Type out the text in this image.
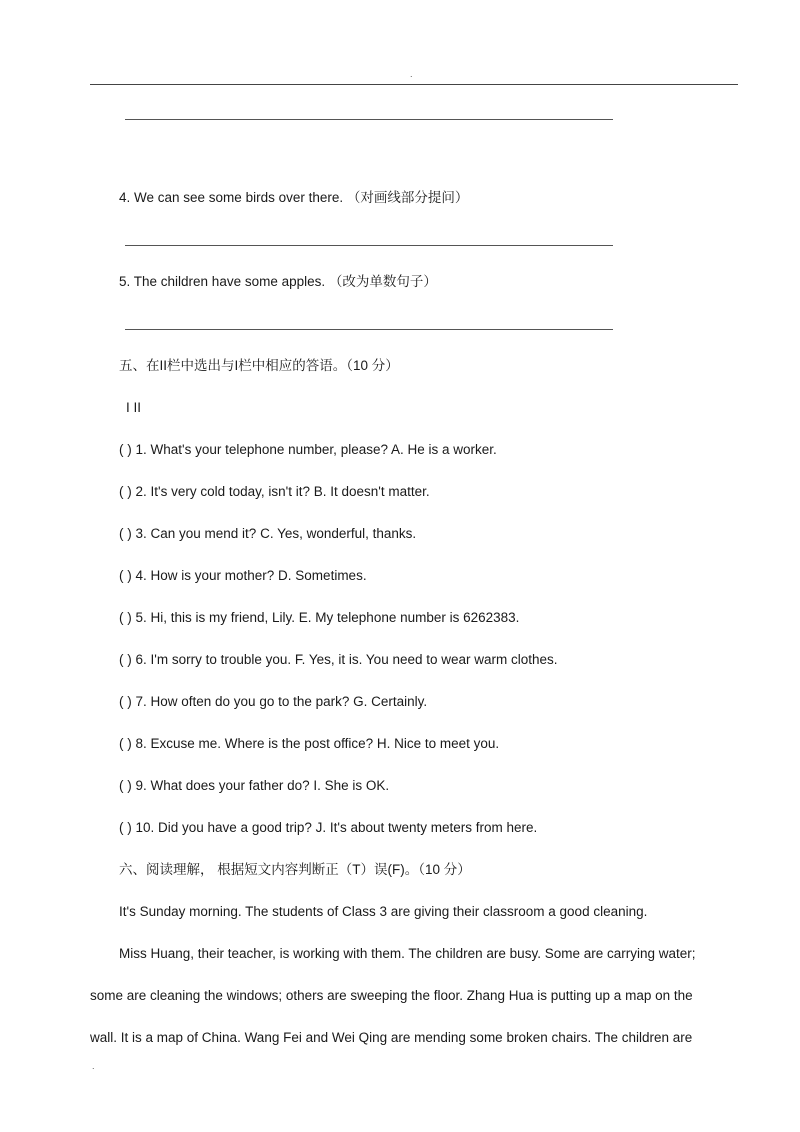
.
4. We can see some birds over there. （对画线部分提问）
5. The children have some apples. （改为单数句子）
五、在II栏中选出与I栏中相应的答语。（10 分）
I II
( ) 1. What's your telephone number, please? A. He is a worker.
( ) 2. It's very cold today, isn't it? B. It doesn't matter.
( ) 3. Can you mend it? C. Yes, wonderful, thanks.
( ) 4. How is your mother? D. Sometimes.
( ) 5. Hi, this is my friend, Lily. E. My telephone number is 6262383.
( ) 6. I'm sorry to trouble you. F. Yes, it is. You need to wear warm clothes.
( ) 7. How often do you go to the park? G. Certainly.
( ) 8. Excuse me. Where is the post office? H. Nice to meet you.
( ) 9. What does your father do? I. She is OK.
( ) 10. Did you have a good trip? J. It's about twenty meters from here.
六、阅读理解， 根据短文内容判断正（T）误(F)。（10 分）
It's Sunday morning. The students of Class 3 are giving their classroom a good cleaning.
Miss Huang, their teacher, is working with them. The children are busy. Some are carrying water;
some are cleaning the windows; others are sweeping the floor. Zhang Hua is putting up a map on the
wall. It is a map of China. Wang Fei and Wei Qing are mending some broken chairs. The children are
.
